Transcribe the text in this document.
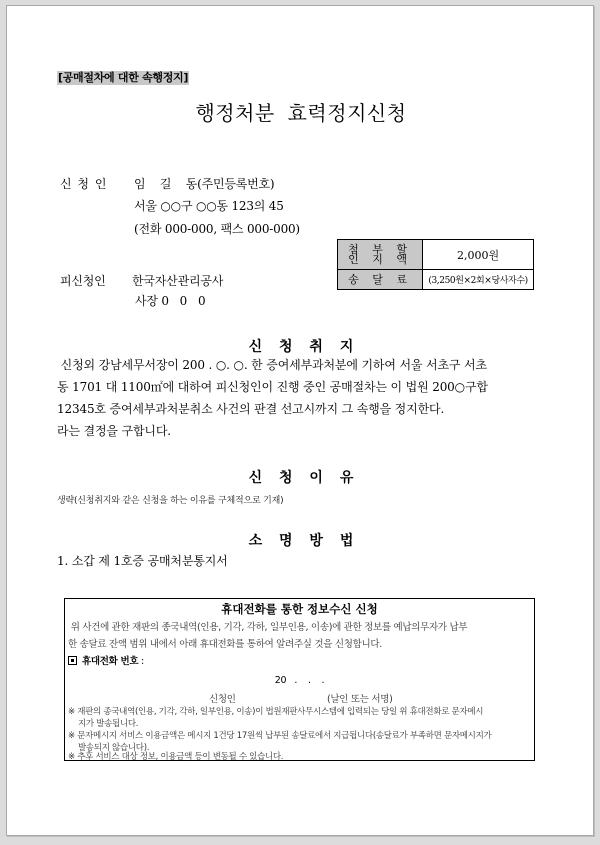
[공매절차에 대한 속행정지]
행정처분 효력정지신청
신 청 인 임    길    동(주민등록번호)
서울 ○○구 ○○동 123의 45
(전화 000-000, 팩스 000-000)
피신청인 한국자산관리공사
사장 0   0   0
첨 부 할
인 지 액	2,000원
송 달 료	(3,250원×2회×당사자수)
신 청 취 지
신청외 강남세무서장이 200 . ○. ○. 한 증여세부과처분에 기하여 서울 서초구 서초
동 1701 대 1100㎡에 대하여 피신청인이 진행 중인 공매절차는 이 법원 200○구합
12345호 증여세부과처분취소 사건의 판결 선고시까지 그 속행을 정지한다.
라는 결정을 구합니다.
신 청 이 유
생략(신청취지와 같은 신청을 하는 이유를 구체적으로 기재)
소 명 방 법
1. 소갑 제 1호증 공매처분통지서
휴대전화를 통한 정보수신 신청
위 사건에 관한 재판의 종국내역(인용, 기각, 각하, 일부인용, 이송)에 관한 정보를 예납의무자가 납부
한 송달료 잔액 범위 내에서 아래 휴대전화를 통하여 알려주실 것을 신청합니다.
휴대전화 번호 :
20   .    .    .
신청인	(날인 또는 서명)
※ 재판의 종국내역(인용, 기각, 각하, 일부인용, 이송)이 법원재판사무시스템에 입력되는 당일 위 휴대전화로 문자메시
지가 발송됩니다.
※ 문자메시지 서비스 이용금액은 메시지 1건당 17원씩 납부된 송달료에서 지급됩니다(송달료가 부족하면 문자메시지가
발송되지 않습니다).
※ 추후 서비스 대상 정보, 이용금액 등이 변동될 수 있습니다.
